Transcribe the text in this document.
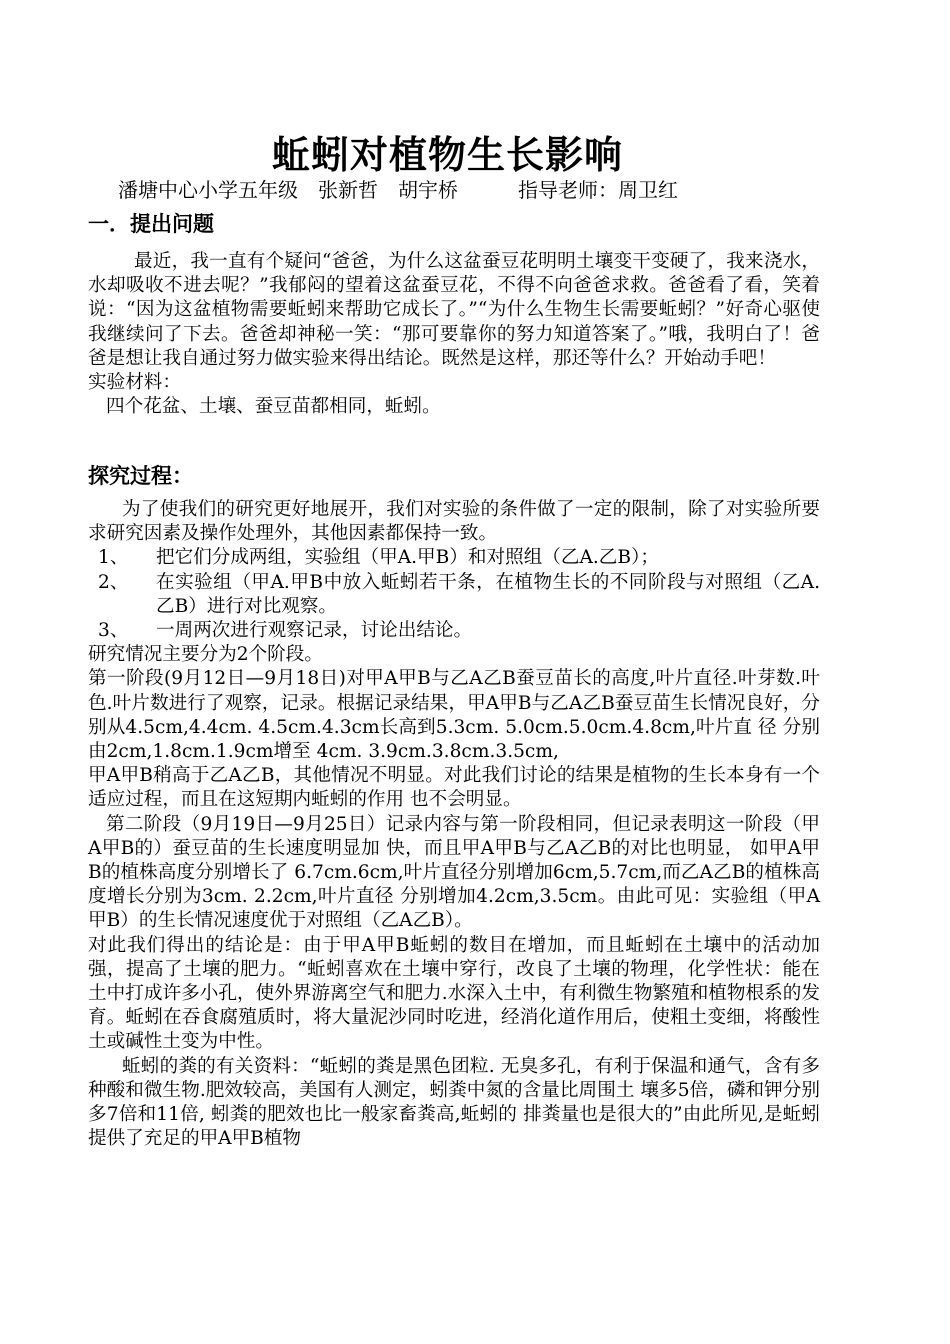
蚯蚓对植物生长影响
潘塘中心小学五年级　张新哲　胡宇桥　　　指导老师：周卫红
一．提出问题

最近，我一直有个疑问“爸爸，为什么这盆蚕豆花明明土壤变干变硬了，我来浇水，水却吸收不进去呢？”我郁闷的望着这盆蚕豆花，不得不向爸爸求救。爸爸看了看，笑着说：“因为这盆植物需要蚯蚓来帮助它成长了。”“为什么生物生长需要蚯蚓？”好奇心驱使我继续问了下去。爸爸却神秘一笑：“那可要靠你的努力知道答案了。”哦，我明白了！爸爸是想让我自通过努力做实验来得出结论。既然是这样，那还等什么？开始动手吧！

实验材料：

四个花盆、土壤、蚕豆苗都相同，蚯蚓。

探究过程：

为了使我们的研究更好地展开，我们对实验的条件做了一定的限制，除了对实验所要求研究因素及操作处理外，其他因素都保持一致。

1、 把它们分成两组，实验组（甲A.甲B）和对照组（乙A.乙B）；

2、 在实验组（甲A.甲B中放入蚯蚓若干条，在植物生长的不同阶段与对照组（乙A.乙B）进行对比观察。

3、 一周两次进行观察记录，讨论出结论。

研究情况主要分为2个阶段。

第一阶段(9月12日—9月18日)对甲A甲B与乙A乙B蚕豆苗长的高度,叶片直径.叶芽数.叶色.叶片数进行了观察，记录。根据记录结果，甲A甲B与乙A乙B蚕豆苗生长情况良好，分别从4.5cm,4.4cm. 4.5cm.4.3cm长高到5.3cm. 5.0cm.5.0cm.4.8cm,叶片直 径 分别由2cm,1.8cm.1.9cm增至 4cm. 3.9cm.3.8cm.3.5cm,

甲A甲B稍高于乙A乙B，其他情况不明显。对此我们讨论的结果是植物的生长本身有一个适应过程，而且在这短期内蚯蚓的作用 也不会明显。

第二阶段（9月19日—9月25日）记录内容与第一阶段相同，但记录表明这一阶段（甲A甲B的）蚕豆苗的生长速度明显加 快，而且甲A甲B与乙A乙B的对比也明显， 如甲A甲B的植株高度分别增长了 6.7cm.6cm,叶片直径分别增加6cm,5.7cm,而乙A乙B的植株高 度增长分别为3cm. 2.2cm,叶片直径 分别增加4.2cm,3.5cm。由此可见：实验组（甲A甲B）的生长情况速度优于对照组（乙A乙B）。

对此我们得出的结论是：由于甲A甲B蚯蚓的数目在增加，而且蚯蚓在土壤中的活动加强，提高了土壤的肥力。“蚯蚓喜欢在土壤中穿行，改良了土壤的物理，化学性状：能在土中打成许多小孔，使外界游离空气和肥力.水深入土中，有利微生物繁殖和植物根系的发育。蚯蚓在吞食腐殖质时，将大量泥沙同时吃进，经消化道作用后，使粗土变细，将酸性土或碱性土变为中性。

蚯蚓的粪的有关资料：“蚯蚓的粪是黑色团粒. 无臭多孔，有利于保温和通气，含有多种酸和微生物.肥效较高，美国有人测定，蚓粪中氮的含量比周围土 壤多5倍，磷和钾分别多7倍和11倍, 蚓粪的肥效也比一般家畜粪高,蚯蚓的 排粪量也是很大的”由此所见,是蚯蚓提供了充足的甲A甲B植物
